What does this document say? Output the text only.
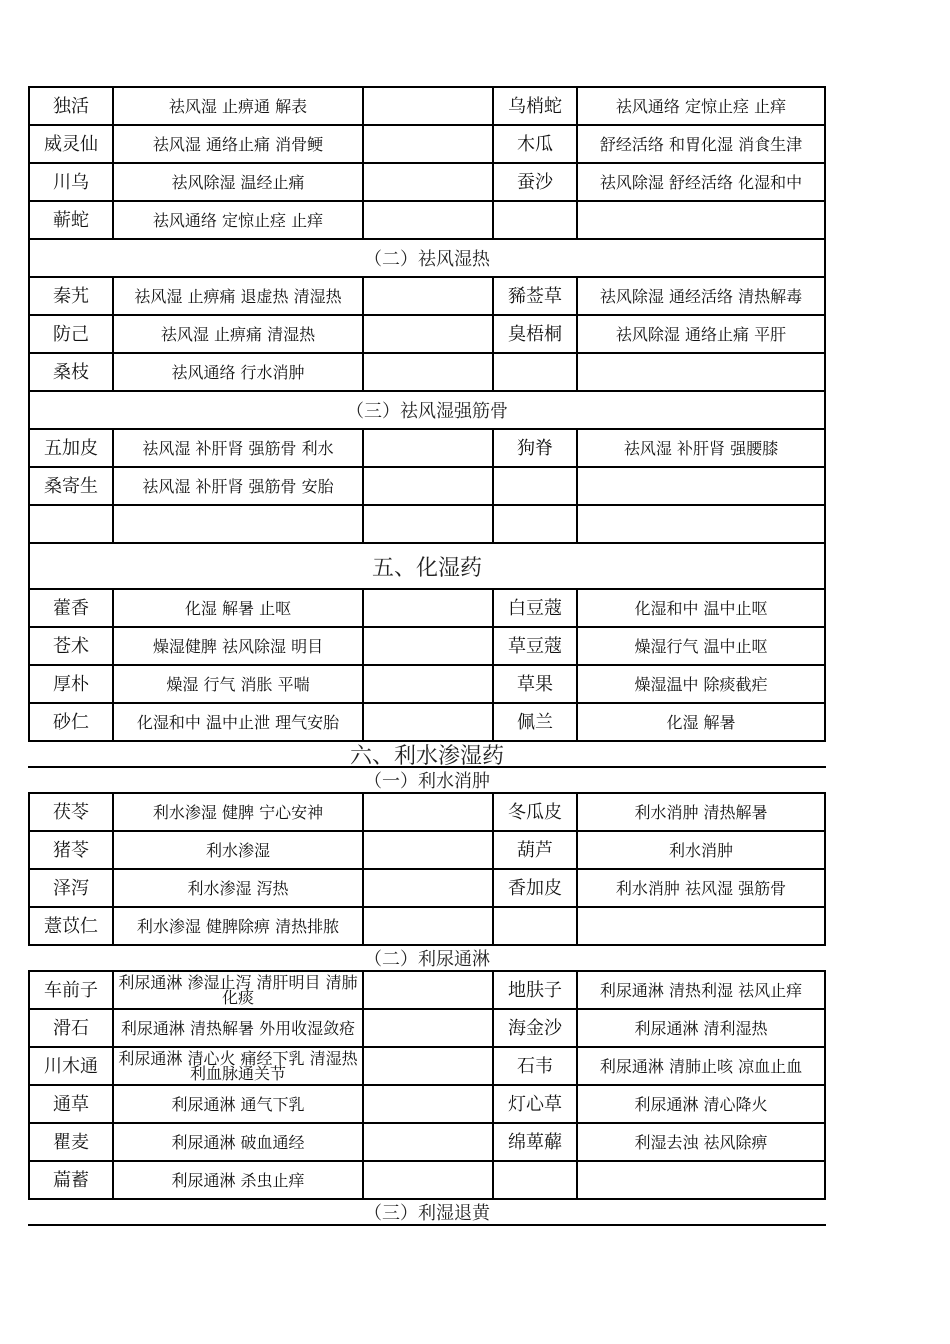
独活	祛风湿 止痹通 解表	乌梢蛇	祛风通络 定惊止痉 止痒
威灵仙	祛风湿 通络止痛 消骨鲠	木瓜	舒经活络 和胃化湿 消食生津
川乌	祛风除湿 温经止痛	蚕沙	祛风除湿 舒经活络 化湿和中
蕲蛇	祛风通络 定惊止痉 止痒
（二）祛风湿热
秦艽	祛风湿 止痹痛 退虚热 清湿热	豨莶草	祛风除湿 通经活络 清热解毒
防己	祛风湿 止痹痛 清湿热	臭梧桐	祛风除湿 通络止痛 平肝
桑枝	祛风通络 行水消肿
（三）祛风湿强筋骨
五加皮	祛风湿 补肝肾 强筋骨 利水	狗脊	祛风湿 补肝肾 强腰膝
桑寄生	祛风湿 补肝肾 强筋骨 安胎
五、化湿药
藿香	化湿 解暑 止呕	白豆蔻	化湿和中 温中止呕
苍术	燥湿健脾 祛风除湿 明目	草豆蔻	燥湿行气 温中止呕
厚朴	燥湿 行气 消胀 平喘	草果	燥湿温中 除痰截疟
砂仁	化湿和中 温中止泄 理气安胎	佩兰	化湿 解暑
六、利水渗湿药
（一）利水消肿
茯苓	利水渗湿 健脾 宁心安神	冬瓜皮	利水消肿 清热解暑
猪苓	利水渗湿	葫芦	利水消肿
泽泻	利水渗湿 泻热	香加皮	利水消肿 祛风湿 强筋骨
薏苡仁	利水渗湿 健脾除痹 清热排脓
（二）利尿通淋
车前子	利尿通淋 渗湿止泻 清肝明目 清肺化痰	地肤子	利尿通淋 清热利湿 祛风止痒
滑石	利尿通淋 清热解暑 外用收湿敛疮	海金沙	利尿通淋 清利湿热
川木通	利尿通淋 清心火 痛经下乳 清湿热 利血脉通关节	石韦	利尿通淋 清肺止咳 凉血止血
通草	利尿通淋 通气下乳	灯心草	利尿通淋 清心降火
瞿麦	利尿通淋 破血通经	绵萆薢	利湿去浊 祛风除痹
萹蓄	利尿通淋 杀虫止痒
（三）利湿退黄
